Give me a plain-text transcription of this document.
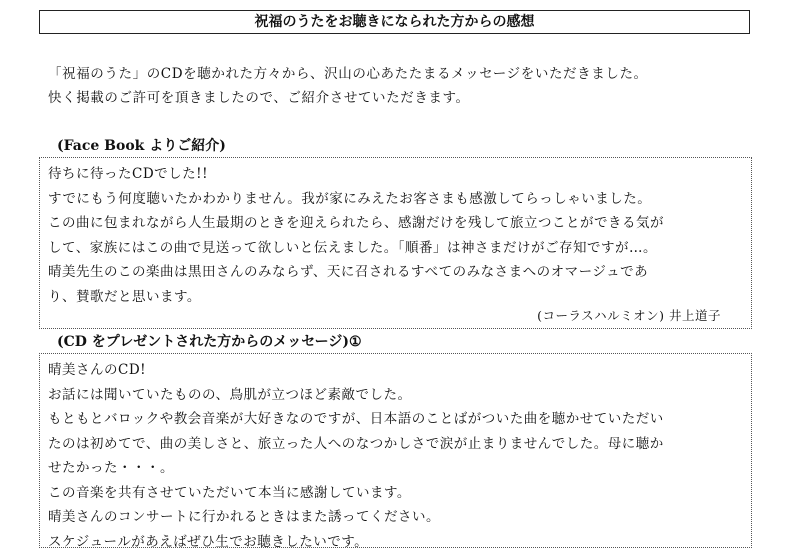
祝福のうたをお聴きになられた方からの感想
「祝福のうた」のCDを聴かれた方々から、沢山の心あたたまるメッセージをいただきました。
快く掲載のご許可を頂きましたので、ご紹介させていただきます。
(Face Book よりご紹介)
待ちに待ったCDでした!!
すでにもう何度聴いたかわかりません。我が家にみえたお客さまも感激してらっしゃいました。
この曲に包まれながら人生最期のときを迎えられたら、感謝だけを残して旅立つことができる気が
して、家族にはこの曲で見送って欲しいと伝えました。「順番」は神さまだけがご存知ですが…。
晴美先生のこの楽曲は黒田さんのみならず、天に召されるすべてのみなさまへのオマージュであ
り、賛歌だと思います。
(コーラスハルミオン) 井上道子
(CD をプレゼントされた方からのメッセージ)①
晴美さんのCD!
お話には聞いていたものの、鳥肌が立つほど素敵でした。
もともとバロックや教会音楽が大好きなのですが、日本語のことばがついた曲を聴かせていただい
たのは初めてで、曲の美しさと、旅立った人へのなつかしさで涙が止まりませんでした。母に聴か
せたかった・・・。
この音楽を共有させていただいて本当に感謝しています。
晴美さんのコンサートに行かれるときはまた誘ってください。
スケジュールがあえばぜひ生でお聴きしたいです。
